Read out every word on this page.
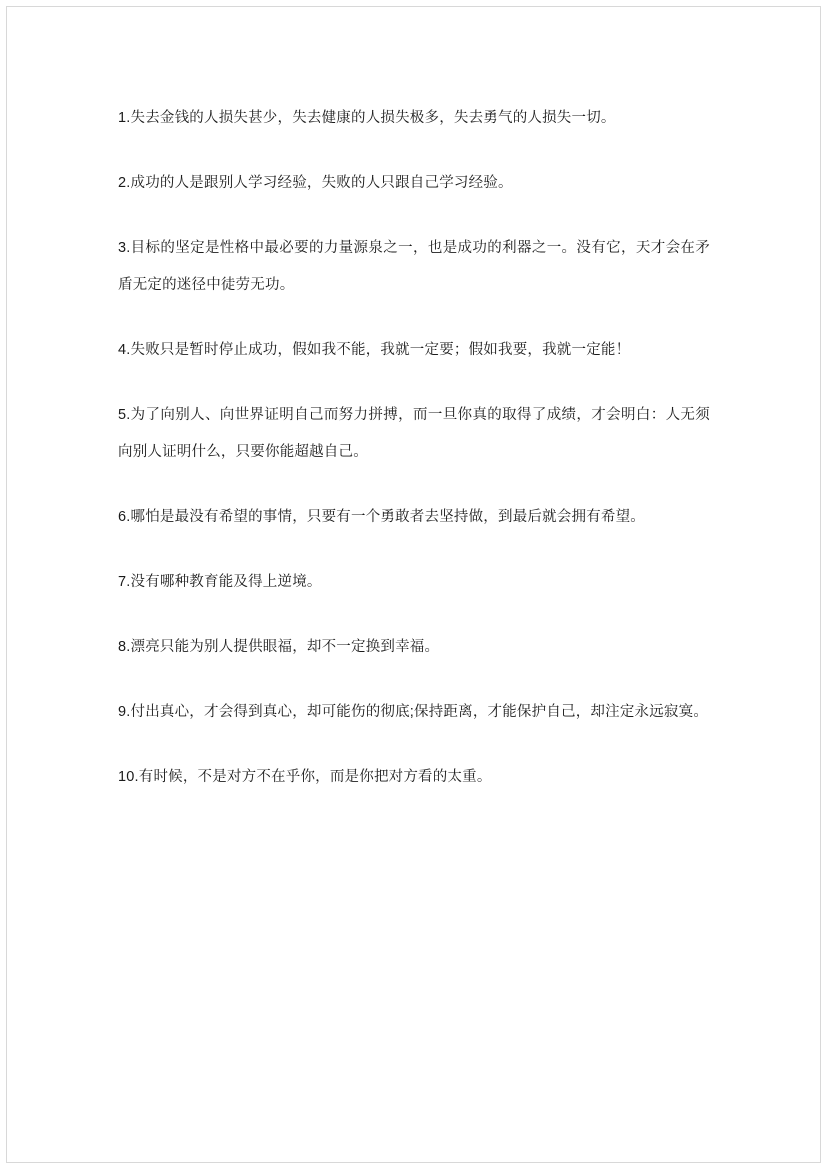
1.失去金钱的人损失甚少，失去健康的人损失极多，失去勇气的人损失一切。

2.成功的人是跟别人学习经验，失败的人只跟自己学习经验。

3.目标的坚定是性格中最必要的力量源泉之一，也是成功的利器之一。没有它，天才会在矛盾无定的迷径中徒劳无功。

4.失败只是暂时停止成功，假如我不能，我就一定要；假如我要，我就一定能！

5.为了向别人、向世界证明自己而努力拼搏，而一旦你真的取得了成绩，才会明白：人无须向别人证明什么，只要你能超越自己。

6.哪怕是最没有希望的事情，只要有一个勇敢者去坚持做，到最后就会拥有希望。

7.没有哪种教育能及得上逆境。

8.漂亮只能为别人提供眼福，却不一定换到幸福。

9.付出真心，才会得到真心，却可能伤的彻底;保持距离，才能保护自己，却注定永远寂寞。

10.有时候，不是对方不在乎你，而是你把对方看的太重。
